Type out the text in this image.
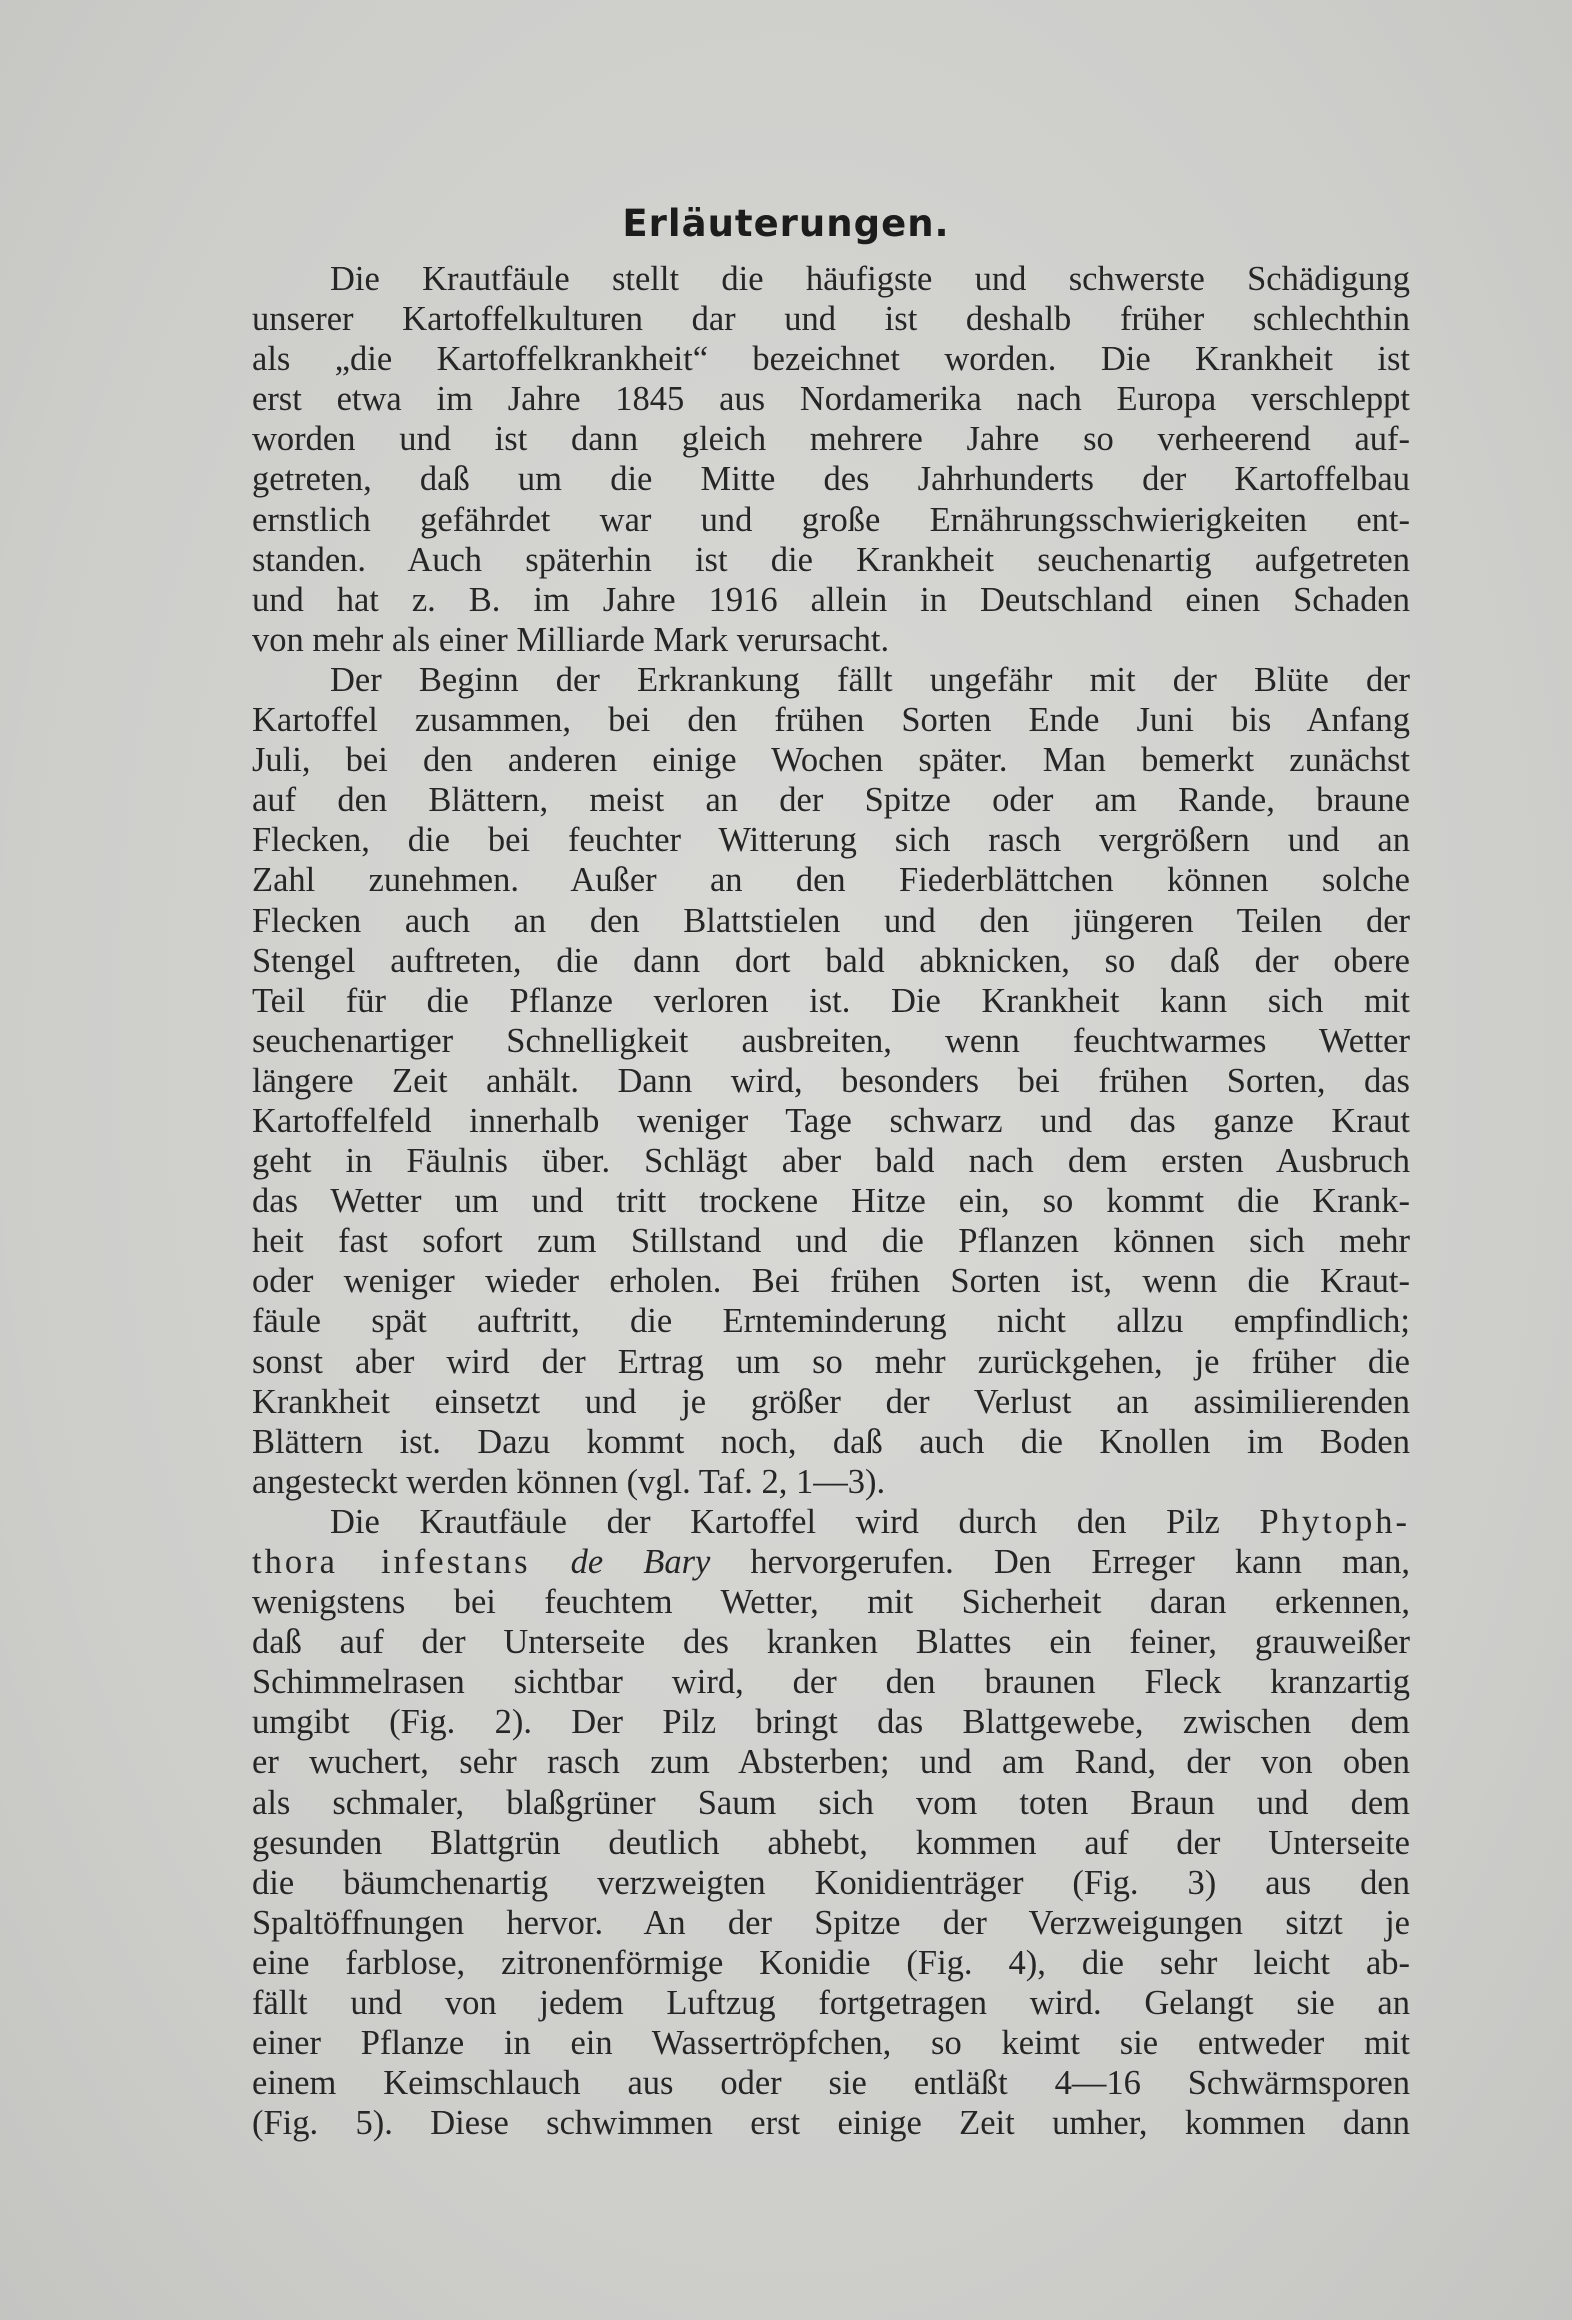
Erläuterungen.
Die Krautfäule stellt die häufigste und schwerste Schädigung
unserer Kartoffelkulturen dar und ist deshalb früher schlechthin
als „die Kartoffelkrankheit“ bezeichnet worden. Die Krankheit ist
erst etwa im Jahre 1845 aus Nordamerika nach Europa verschleppt
worden und ist dann gleich mehrere Jahre so verheerend auf-
getreten, daß um die Mitte des Jahrhunderts der Kartoffelbau
ernstlich gefährdet war und große Ernährungsschwierigkeiten ent-
standen. Auch späterhin ist die Krankheit seuchenartig aufgetreten
und hat z. B. im Jahre 1916 allein in Deutschland einen Schaden
von mehr als einer Milliarde Mark verursacht.
Der Beginn der Erkrankung fällt ungefähr mit der Blüte der
Kartoffel zusammen, bei den frühen Sorten Ende Juni bis Anfang
Juli, bei den anderen einige Wochen später. Man bemerkt zunächst
auf den Blättern, meist an der Spitze oder am Rande, braune
Flecken, die bei feuchter Witterung sich rasch vergrößern und an
Zahl zunehmen. Außer an den Fiederblättchen können solche
Flecken auch an den Blattstielen und den jüngeren Teilen der
Stengel auftreten, die dann dort bald abknicken, so daß der obere
Teil für die Pflanze verloren ist. Die Krankheit kann sich mit
seuchenartiger Schnelligkeit ausbreiten, wenn feuchtwarmes Wetter
längere Zeit anhält. Dann wird, besonders bei frühen Sorten, das
Kartoffelfeld innerhalb weniger Tage schwarz und das ganze Kraut
geht in Fäulnis über. Schlägt aber bald nach dem ersten Ausbruch
das Wetter um und tritt trockene Hitze ein, so kommt die Krank-
heit fast sofort zum Stillstand und die Pflanzen können sich mehr
oder weniger wieder erholen. Bei frühen Sorten ist, wenn die Kraut-
fäule spät auftritt, die Ernteminderung nicht allzu empfindlich;
sonst aber wird der Ertrag um so mehr zurückgehen, je früher die
Krankheit einsetzt und je größer der Verlust an assimilierenden
Blättern ist. Dazu kommt noch, daß auch die Knollen im Boden
angesteckt werden können (vgl. Taf. 2, 1—3).
Die Krautfäule der Kartoffel wird durch den Pilz Phytoph-
thora infestans de Bary hervorgerufen. Den Erreger kann man,
wenigstens bei feuchtem Wetter, mit Sicherheit daran erkennen,
daß auf der Unterseite des kranken Blattes ein feiner, grauweißer
Schimmelrasen sichtbar wird, der den braunen Fleck kranzartig
umgibt (Fig. 2). Der Pilz bringt das Blattgewebe, zwischen dem
er wuchert, sehr rasch zum Absterben; und am Rand, der von oben
als schmaler, blaßgrüner Saum sich vom toten Braun und dem
gesunden Blattgrün deutlich abhebt, kommen auf der Unterseite
die bäumchenartig verzweigten Konidienträger (Fig. 3) aus den
Spaltöffnungen hervor. An der Spitze der Verzweigungen sitzt je
eine farblose, zitronenförmige Konidie (Fig. 4), die sehr leicht ab-
fällt und von jedem Luftzug fortgetragen wird. Gelangt sie an
einer Pflanze in ein Wassertröpfchen, so keimt sie entweder mit
einem Keimschlauch aus oder sie entläßt 4—16 Schwärmsporen
(Fig. 5). Diese schwimmen erst einige Zeit umher, kommen dann
